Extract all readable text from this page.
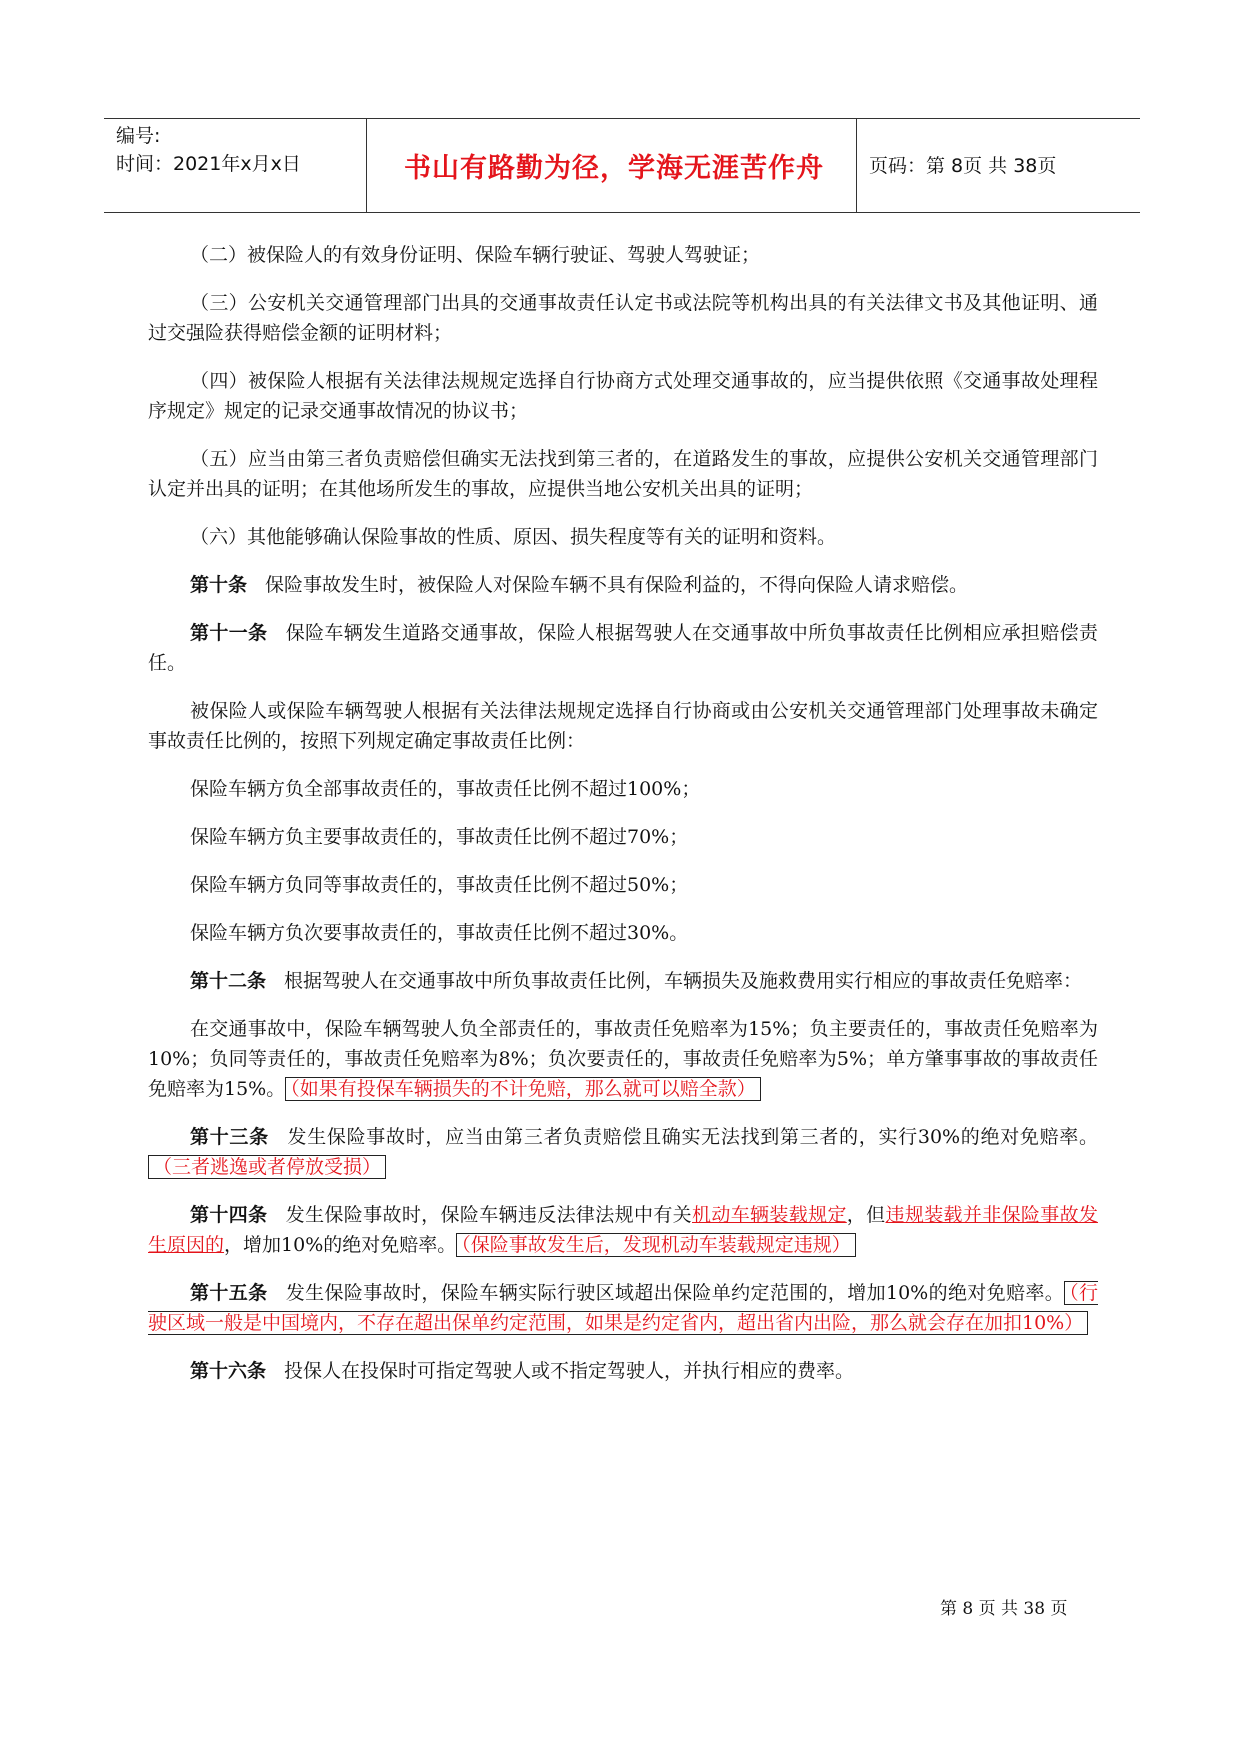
编号:
时间：2021年x月x日	书山有路勤为径，学海无涯苦作舟	页码：第 8页 共 38页

（二）被保险人的有效身份证明、保险车辆行驶证、驾驶人驾驶证；

（三）公安机关交通管理部门出具的交通事故责任认定书或法院等机构出具的有关法律文书及其他证明、通过交强险获得赔偿金额的证明材料；

（四）被保险人根据有关法律法规规定选择自行协商方式处理交通事故的，应当提供依照《交通事故处理程序规定》规定的记录交通事故情况的协议书；

（五）应当由第三者负责赔偿但确实无法找到第三者的，在道路发生的事故，应提供公安机关交通管理部门认定并出具的证明；在其他场所发生的事故，应提供当地公安机关出具的证明；

（六）其他能够确认保险事故的性质、原因、损失程度等有关的证明和资料。

第十条 保险事故发生时，被保险人对保险车辆不具有保险利益的，不得向保险人请求赔偿。

第十一条 保险车辆发生道路交通事故，保险人根据驾驶人在交通事故中所负事故责任比例相应承担赔偿责任。

被保险人或保险车辆驾驶人根据有关法律法规规定选择自行协商或由公安机关交通管理部门处理事故未确定事故责任比例的，按照下列规定确定事故责任比例：

保险车辆方负全部事故责任的，事故责任比例不超过100%；

保险车辆方负主要事故责任的，事故责任比例不超过70%；

保险车辆方负同等事故责任的，事故责任比例不超过50%；

保险车辆方负次要事故责任的，事故责任比例不超过30%。

第十二条 根据驾驶人在交通事故中所负事故责任比例，车辆损失及施救费用实行相应的事故责任免赔率：

在交通事故中，保险车辆驾驶人负全部责任的，事故责任免赔率为15%；负主要责任的，事故责任免赔率为10%；负同等责任的，事故责任免赔率为8%；负次要责任的，事故责任免赔率为5%；单方肇事事故的事故责任免赔率为15%。 （如果有投保车辆损失的不计免赔，那么就可以赔全款）

第十三条 发生保险事故时，应当由第三者负责赔偿且确实无法找到第三者的，实行30%的绝对免赔率。（三者逃逸或者停放受损）

第十四条 发生保险事故时，保险车辆违反法律法规中有关机动车辆装载规定，但违规装载并非保险事故发生原因的，增加10%的绝对免赔率。 （保险事故发生后，发现机动车装载规定违规）

第十五条 发生保险事故时，保险车辆实际行驶区域超出保险单约定范围的，增加10%的绝对免赔率。 （行驶区域一般是中国境内，不存在超出保单约定范围，如果是约定省内，超出省内出险，那么就会存在加扣10%）

第十六条 投保人在投保时可指定驾驶人或不指定驾驶人，并执行相应的费率。

第 8 页 共 38 页
